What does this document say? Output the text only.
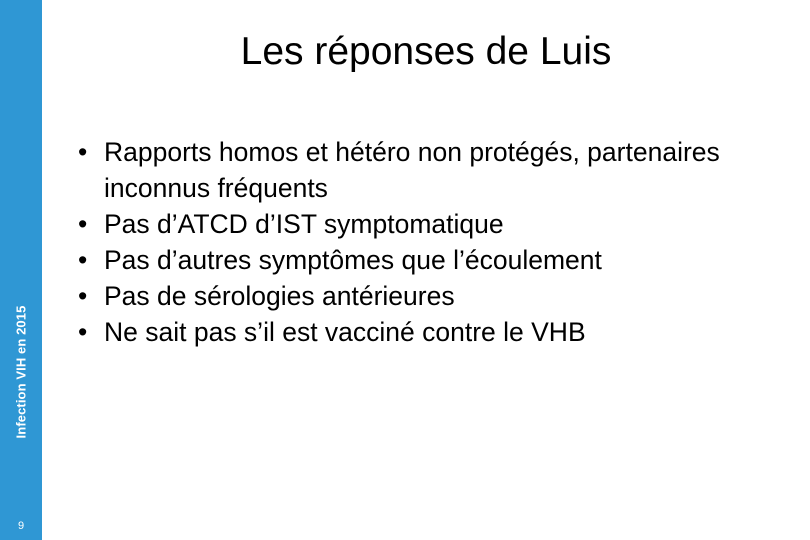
Infection VIH en 2015
9
Les réponses de Luis
• Rapports homos et hétéro non protégés, partenaires inconnus fréquents
• Pas d’ATCD d’IST symptomatique
• Pas d’autres symptômes que l’écoulement
• Pas de sérologies antérieures
• Ne sait pas s’il est vacciné contre le VHB
